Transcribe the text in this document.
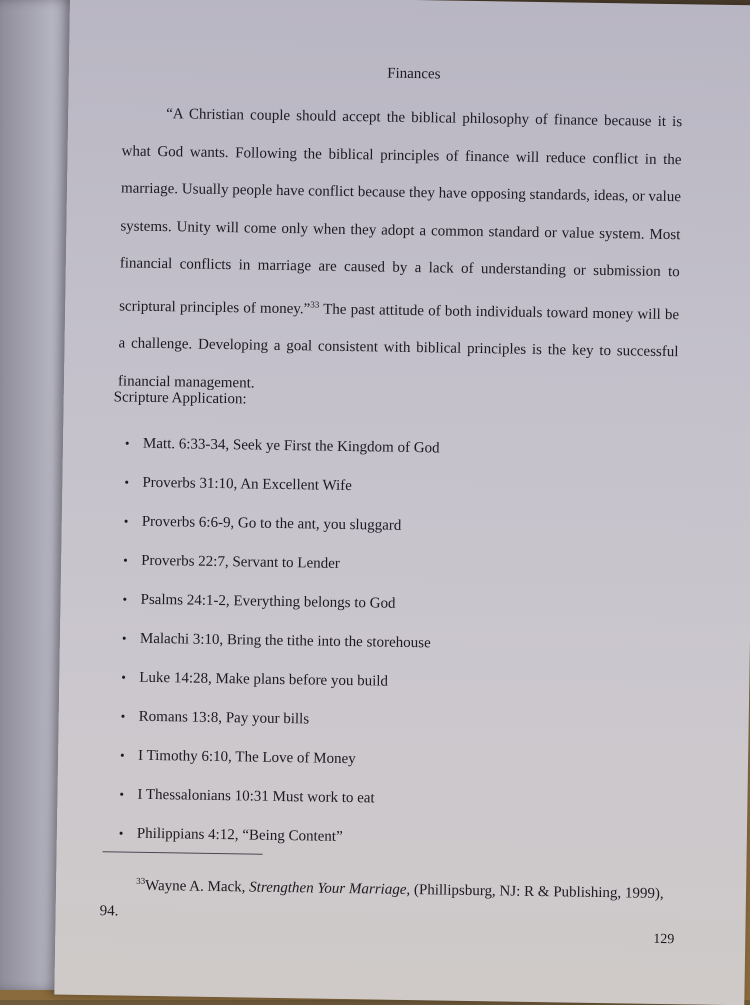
Finances
“A Christian couple should accept the biblical philosophy of finance because it is what God wants. Following the biblical principles of finance will reduce conflict in the marriage. Usually people have conflict because they have opposing standards, ideas, or value systems. Unity will come only when they adopt a common standard or value system. Most financial conflicts in marriage are caused by a lack of understanding or submission to scriptural principles of money.”$^{33}$ The past attitude of both individuals toward money will be a challenge. Developing a goal consistent with biblical principles is the key to successful financial management.
Scripture Application:
• Matt. 6:33-34, Seek ye First the Kingdom of God
• Proverbs 31:10, An Excellent Wife
• Proverbs 6:6-9, Go to the ant, you sluggard
• Proverbs 22:7, Servant to Lender
• Psalms 24:1-2, Everything belongs to God
• Malachi 3:10, Bring the tithe into the storehouse
• Luke 14:28, Make plans before you build
• Romans 13:8, Pay your bills
• I Timothy 6:10, The Love of Money
• I Thessalonians 10:31 Must work to eat
• Philippians 4:12, “Being Content”
$^{33}$Wayne A. Mack, Strengthen Your Marriage, (Phillipsburg, NJ: R & Publishing, 1999), 94.
129
